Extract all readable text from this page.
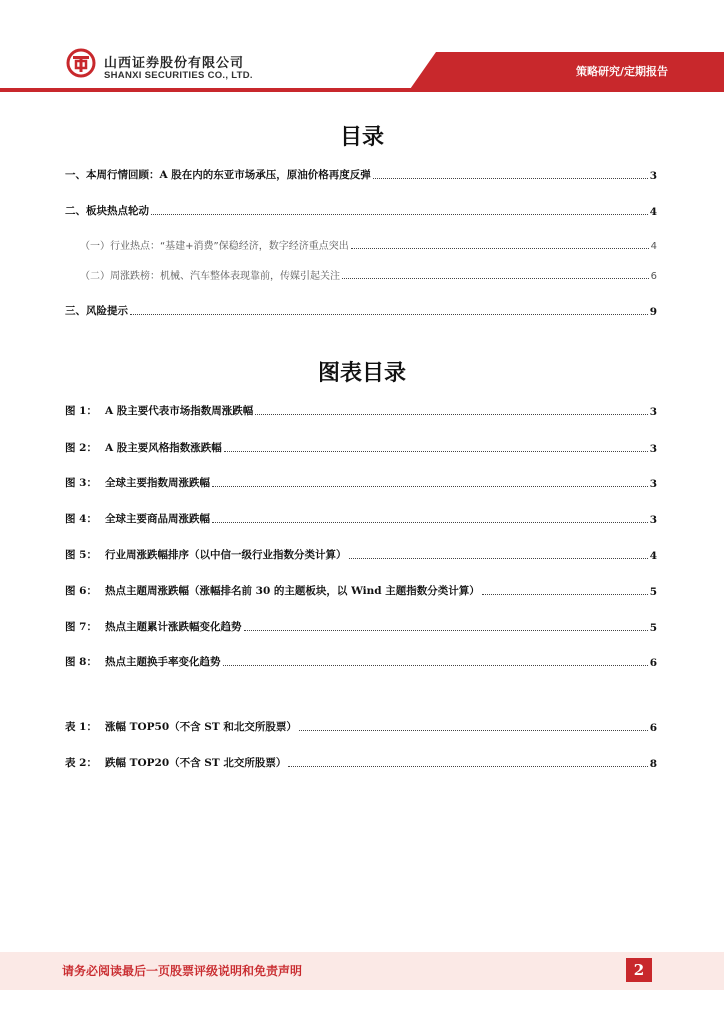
山西证券股份有限公司
SHANXI SECURITIES CO., LTD.	策略研究/定期报告
目录
一、 本周行情回顾：A 股在内的东亚市场承压，原油价格再度反弹	3
二、 板块热点轮动	4
（一） 行业热点：“基建+消费”保稳经济，数字经济重点突出	4
（二） 周涨跌榜：机械、汽车整体表现靠前，传媒引起关注	6
三、 风险提示	9
图表目录
图 1： A 股主要代表市场指数周涨跌幅	3
图 2： A 股主要风格指数涨跌幅	3
图 3： 全球主要指数周涨跌幅	3
图 4： 全球主要商品周涨跌幅	3
图 5： 行业周涨跌幅排序（以中信一级行业指数分类计算）	4
图 6： 热点主题周涨跌幅（涨幅排名前 30 的主题板块，以 Wind 主题指数分类计算）	5
图 7： 热点主题累计涨跌幅变化趋势	5
图 8： 热点主题换手率变化趋势	6
表 1： 涨幅 TOP50（不含 ST 和北交所股票）	6
表 2： 跌幅 TOP20（不含 ST 北交所股票）	8
请务必阅读最后一页股票评级说明和免责声明	2
